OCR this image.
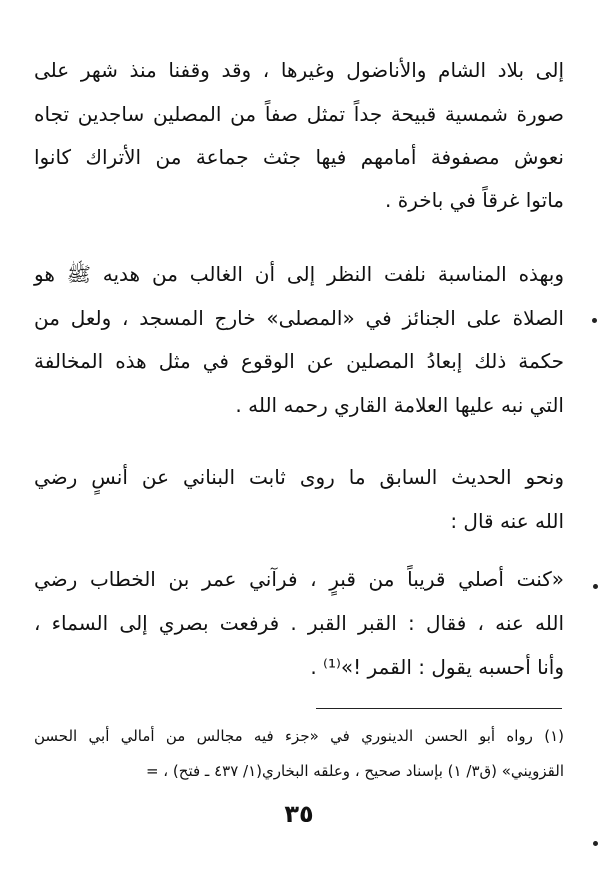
إلى بلاد الشام والأناضول وغيرها ، وقد وقفنا منذ شهر على
صورة شمسية قبيحة جداً تمثل صفاً من المصلين ساجدين تجاه
نعوش مصفوفة أمامهم فيها جثث جماعة من الأتراك كانوا
ماتوا غرقاً في باخرة .
وبهذه المناسبة نلفت النظر إلى أن الغالب من هديه ﷺ هو
الصلاة على الجنائز في «المصلى» خارج المسجد ، ولعل من
حكمة ذلك إبعادُ المصلين عن الوقوع في مثل هذه المخالفة
التي نبه عليها العلامة القاري رحمه الله .
ونحو الحديث السابق ما روى ثابت البناني عن أنسٍ رضي
الله عنه قال :
«كنت أصلي قريباً من قبرٍ ، فرآني عمر بن الخطاب رضي
الله عنه ، فقال : القبر القبر . فرفعت بصري إلى السماء ،
وأنا أحسبه يقول : القمر !»⁽¹⁾ .
(١) رواه أبو الحسن الدينوري في «جزء فيه مجالس من أمالي أبي الحسن
القزويني» (ق٣/ ١) بإسناد صحيح ، وعلقه البخاري(١/ ٤٣٧ ـ فتح) ، =
٣٥
